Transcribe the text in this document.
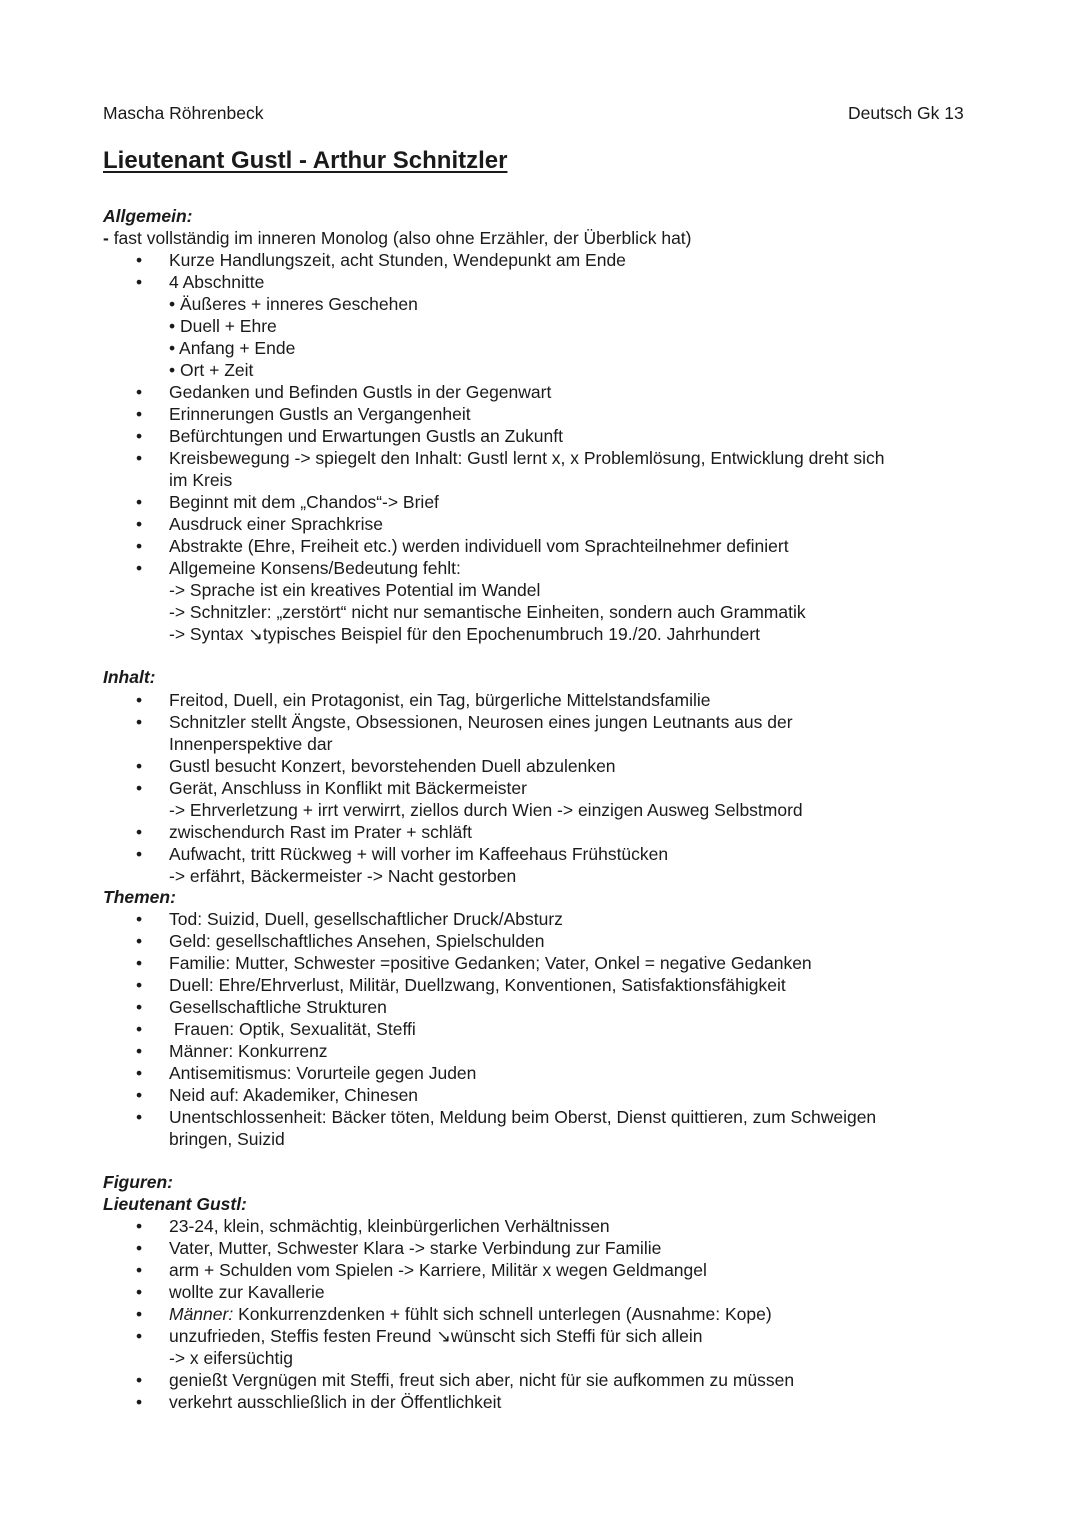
Mascha Röhrenbeck	Deutsch Gk 13
Lieutenant Gustl - Arthur Schnitzler
Allgemein:
- fast vollständig im inneren Monolog (also ohne Erzähler, der Überblick hat)
• Kurze Handlungszeit, acht Stunden, Wendepunkt am Ende
• 4 Abschnitte
• Äußeres + inneres Geschehen
• Duell + Ehre
• Anfang + Ende
• Ort + Zeit
• Gedanken und Befinden Gustls in der Gegenwart
• Erinnerungen Gustls an Vergangenheit
• Befürchtungen und Erwartungen Gustls an Zukunft
• Kreisbewegung -> spiegelt den Inhalt: Gustl lernt x, x Problemlösung, Entwicklung dreht sich
im Kreis
• Beginnt mit dem „Chandos“-> Brief
• Ausdruck einer Sprachkrise
• Abstrakte (Ehre, Freiheit etc.) werden individuell vom Sprachteilnehmer definiert
• Allgemeine Konsens/Bedeutung fehlt:
-> Sprache ist ein kreatives Potential im Wandel
-> Schnitzler: „zerstört“ nicht nur semantische Einheiten, sondern auch Grammatik
-> Syntax ↘typisches Beispiel für den Epochenumbruch 19./20. Jahrhundert
Inhalt:
• Freitod, Duell, ein Protagonist, ein Tag, bürgerliche Mittelstandsfamilie
• Schnitzler stellt Ängste, Obsessionen, Neurosen eines jungen Leutnants aus der
Innenperspektive dar
• Gustl besucht Konzert, bevorstehenden Duell abzulenken
• Gerät, Anschluss in Konflikt mit Bäckermeister
-> Ehrverletzung + irrt verwirrt, ziellos durch Wien -> einzigen Ausweg Selbstmord
• zwischendurch Rast im Prater + schläft
• Aufwacht, tritt Rückweg + will vorher im Kaffeehaus Frühstücken
-> erfährt, Bäckermeister -> Nacht gestorben
Themen:
• Tod: Suizid, Duell, gesellschaftlicher Druck/Absturz
• Geld: gesellschaftliches Ansehen, Spielschulden
• Familie: Mutter, Schwester =positive Gedanken; Vater, Onkel = negative Gedanken
• Duell: Ehre/Ehrverlust, Militär, Duellzwang, Konventionen, Satisfaktionsfähigkeit
• Gesellschaftliche Strukturen
• Frauen: Optik, Sexualität, Steffi
• Männer: Konkurrenz
• Antisemitismus: Vorurteile gegen Juden
• Neid auf: Akademiker, Chinesen
• Unentschlossenheit: Bäcker töten, Meldung beim Oberst, Dienst quittieren, zum Schweigen
bringen, Suizid
Figuren:
Lieutenant Gustl:
• 23-24, klein, schmächtig, kleinbürgerlichen Verhältnissen
• Vater, Mutter, Schwester Klara -> starke Verbindung zur Familie
• arm + Schulden vom Spielen -> Karriere, Militär x wegen Geldmangel
• wollte zur Kavallerie
• Männer: Konkurrenzdenken + fühlt sich schnell unterlegen (Ausnahme: Kope)
• unzufrieden, Steffis festen Freund ↘wünscht sich Steffi für sich allein
-> x eifersüchtig
• genießt Vergnügen mit Steffi, freut sich aber, nicht für sie aufkommen zu müssen
• verkehrt ausschließlich in der Öffentlichkeit
